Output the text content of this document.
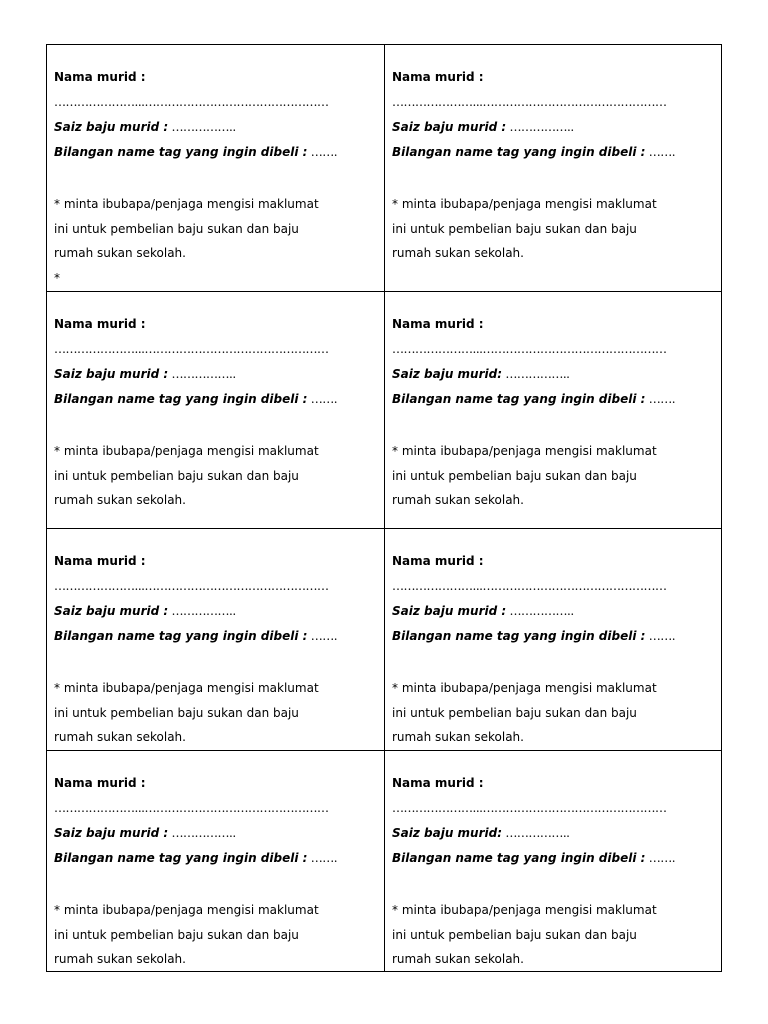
Nama murid :
…………………...…………………………………………
Saiz baju murid : ……………..
Bilangan name tag yang ingin dibeli : …….
* minta ibubapa/penjaga mengisi maklumat
ini untuk pembelian baju sukan dan baju
rumah sukan sekolah.
*
Nama murid :
…………………...…………………………………………
Saiz baju murid : ……………..
Bilangan name tag yang ingin dibeli : …….
* minta ibubapa/penjaga mengisi maklumat
ini untuk pembelian baju sukan dan baju
rumah sukan sekolah.
Nama murid :
…………………...…………………………………………
Saiz baju murid : ……………..
Bilangan name tag yang ingin dibeli : …….
* minta ibubapa/penjaga mengisi maklumat
ini untuk pembelian baju sukan dan baju
rumah sukan sekolah.
Nama murid :
…………………...…………………………………………
Saiz baju murid: ……………..
Bilangan name tag yang ingin dibeli : …….
* minta ibubapa/penjaga mengisi maklumat
ini untuk pembelian baju sukan dan baju
rumah sukan sekolah.
Nama murid :
…………………...…………………………………………
Saiz baju murid : ……………..
Bilangan name tag yang ingin dibeli : …….
* minta ibubapa/penjaga mengisi maklumat
ini untuk pembelian baju sukan dan baju
rumah sukan sekolah.
Nama murid :
…………………...…………………………………………
Saiz baju murid : ……………..
Bilangan name tag yang ingin dibeli : …….
* minta ibubapa/penjaga mengisi maklumat
ini untuk pembelian baju sukan dan baju
rumah sukan sekolah.
Nama murid :
…………………...…………………………………………
Saiz baju murid : ……………..
Bilangan name tag yang ingin dibeli : …….
* minta ibubapa/penjaga mengisi maklumat
ini untuk pembelian baju sukan dan baju
rumah sukan sekolah.
Nama murid :
…………………...…………………………………………
Saiz baju murid: ……………..
Bilangan name tag yang ingin dibeli : …….
* minta ibubapa/penjaga mengisi maklumat
ini untuk pembelian baju sukan dan baju
rumah sukan sekolah.
